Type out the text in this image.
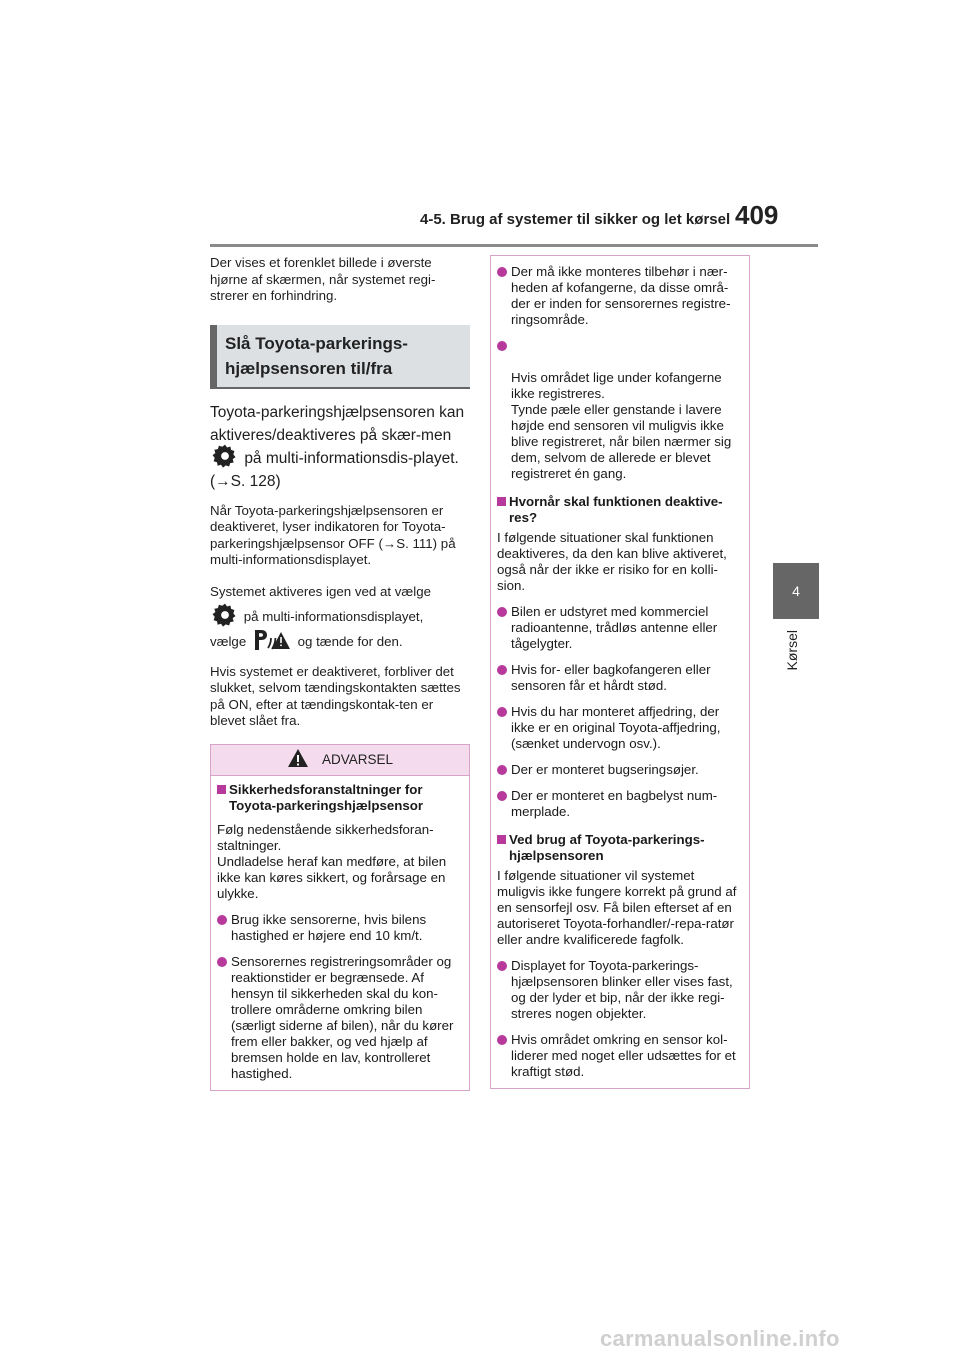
4-5. Brug af systemer til sikker og let kørsel 409
4
Kørsel

Der vises et forenklet billede i øverste hjørne af skærmen, når systemet regi-strerer en forhindring.

Slå Toyota-parkerings-hjælpsensoren til/fra

Toyota-parkeringshjælpsensoren kan aktiveres/deaktiveres på skær-men  på multi-informationsdis-playet. (→S. 128)

Når Toyota-parkeringshjælpsensoren er deaktiveret, lyser indikatoren for Toyota-parkeringshjælpsensor OFF (→S. 111) på multi-informationsdisplayet.

Systemet aktiveres igen ved at vælge
på multi-informationsdisplayet,
vælge	og tænde for den.

Hvis systemet er deaktiveret, forbliver det slukket, selvom tændingskontakten sættes på ON, efter at tændingskontak-ten er blevet slået fra.

ADVARSEL
Sikkerhedsforanstaltninger for Toyota-parkeringshjælpsensor

Følg nedenstående sikkerhedsforan-staltninger.
Undladelse heraf kan medføre, at bilen ikke kan køres sikkert, og forårsage en ulykke.

Brug ikke sensorerne, hvis bilens hastighed er højere end 10 km/t.
Sensorernes registreringsområder og reaktionstider er begrænsede. Af hensyn til sikkerheden skal du kon-trollere områderne omkring bilen (særligt siderne af bilen), når du kører frem eller bakker, og ved hjælp af bremsen holde en lav, kontrolleret hastighed.
Der må ikke monteres tilbehør i nær-heden af kofangerne, da disse områ-der er inden for sensorernes registre-ringsområde.

Hvis området lige under kofangerne ikke registreres.
Tynde pæle eller genstande i lavere højde end sensoren vil muligvis ikke blive registreret, når bilen nærmer sig dem, selvom de allerede er blevet registreret én gang.

Hvornår skal funktionen deaktive-res?

I følgende situationer skal funktionen deaktiveres, da den kan blive aktiveret, også når der ikke er risiko for en kolli-sion.

Bilen er udstyret med kommerciel radioantenne, trådløs antenne eller tågelygter.
Hvis for- eller bagkofangeren eller sensoren får et hårdt stød.
Hvis du har monteret affjedring, der ikke er en original Toyota-affjedring, (sænket undervogn osv.).
Der er monteret bugseringsøjer.
Der er monteret en bagbelyst num-merplade.
Ved brug af Toyota-parkerings-hjælpsensoren

I følgende situationer vil systemet muligvis ikke fungere korrekt på grund af en sensorfejl osv. Få bilen efterset af en autoriseret Toyota-forhandler/-repa-ratør eller andre kvalificerede fagfolk.

Displayet for Toyota-parkerings-hjælpsensoren blinker eller vises fast, og der lyder et bip, når der ikke regi-streres nogen objekter.
Hvis området omkring en sensor kol-liderer med noget eller udsættes for et kraftigt stød.
carmanualsonline.info
